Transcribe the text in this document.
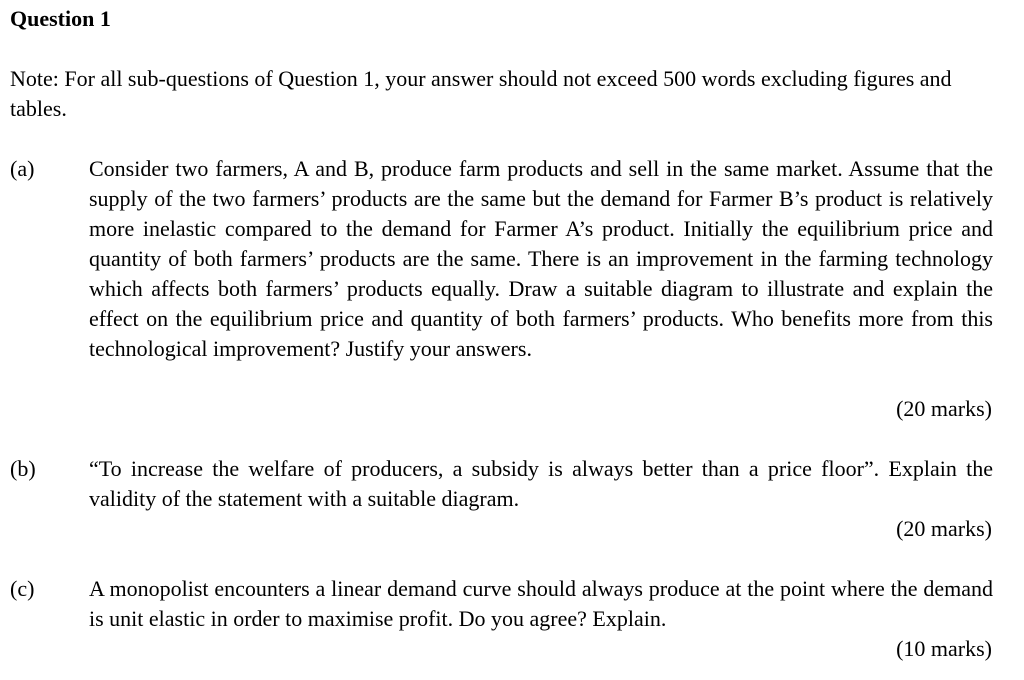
Question 1
Note: For all sub-questions of Question 1, your answer should not exceed 500 words excluding figures and tables.
(a) Consider two farmers, A and B, produce farm products and sell in the same market. Assume that the supply of the two farmers’ products are the same but the demand for Farmer B’s product is relatively more inelastic compared to the demand for Farmer A’s product. Initially the equilibrium price and quantity of both farmers’ products are the same. There is an improvement in the farming technology which affects both farmers’ products equally. Draw a suitable diagram to illustrate and explain the effect on the equilibrium price and quantity of both farmers’ products. Who benefits more from this technological improvement? Justify your answers.
(20 marks)
(b) “To increase the welfare of producers, a subsidy is always better than a price floor”. Explain the validity of the statement with a suitable diagram.
(20 marks)
(c) A monopolist encounters a linear demand curve should always produce at the point where the demand is unit elastic in order to maximise profit. Do you agree? Explain.
(10 marks)
